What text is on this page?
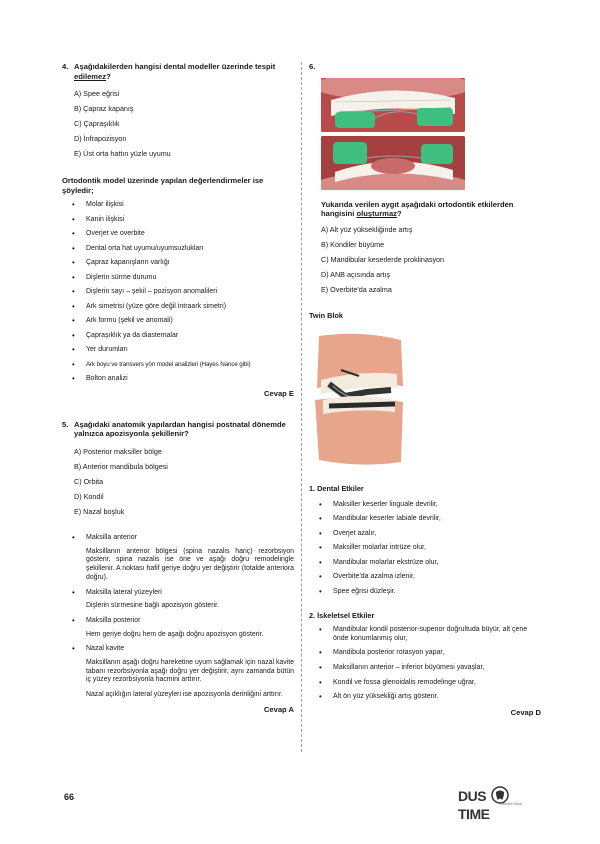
4. Aşağıdakilerden hangisi dental modeller üzerinde tespit edilemez?
A) Spee eğrisi
B) Çapraz kapanış
C) Çapraşıklık
D) İnfrapozisyon
E) Üst orta hattın yüzle uyumu
Ortodontik model üzerinde yapılan değerlendirmeler ise şöyledir;
• Molar ilişkisi
• Kanin ilişkisi
• Overjet ve overbite
• Dental orta hat uyumu/uyumsuzlukları
• Çapraz kapanışların varlığı
• Dişlerin sürme durumu
• Dişlerin sayı – şekil – pozisyon anomalileri
• Ark simetrisi (yüze göre değil intraark simetri)
• Ark formu (şekil ve anomali)
• Çapraşıklık ya da diastemalar
• Yer durumları
• Ark boyu ve transvers yön model analizleri (Hayes Nance gibi)
• Bolton analizi
Cevap E
5. Aşağıdaki anatomik yapılardan hangisi postnatal dönemde yalnızca apozisyonla şekillenir?
A) Posterior maksiller bölge
B) Anterior mandibula bölgesi
C) Orbita
D) Kondil
E) Nazal boşluk
• Maksilla anterior
Maksillanın anterior bölgesi (spina nazalis hariç) rezorbsiyon gösterir, spina nazalis ise öne ve aşağı doğru remodelingle şekillenir. A noktası hafif geriye doğru yer değiştirir (totalde anteriora doğru).
• Maksilla lateral yüzeyleri
Dişlerin sürmesine bağlı apozisyon gösterir.
• Maksilla posterior
Hem geriye doğru hem de aşağı doğru apozisyon gösterir.
• Nazal kavite
Maksillanın aşağı doğru hareketine uyum sağlamak için nazal kavite tabanı rezorbsiyonla aşağı doğru yer değiştirir, aynı zamanda bütün iç yüzey rezorbsiyonla hacmini arttırır.
Nazal açıklığın lateral yüzeyleri ise apozisyonla derinliğini arttırır.
Cevap A
6.
Yukarıda verilen aygıt aşağıdaki ortodontik etkilerden hangisini oluşturmaz?
A) Alt yüz yüksekliğinde artış
B) Kondiler büyüme
C) Mandibular keserlerde proklinasyon
D) ANB açısında artış
E) Overbite'da azalma
Twin Blok
1. Dental Etkiler
• Maksiller keserler linguale devrilir,
• Mandibular keserler labiale devrilir,
• Overjet azalır,
• Maksiller molarlar intrüze olur,
• Mandibular molarlar ekstrüze olur,
• Overbite'da azalma izlenir,
• Spee eğrisi düzleşir.
2. İskeletsel Etkiler
• Mandibular kondil posterior-superior doğrultuda büyür, alt çene önde konumlanmış olur,
• Mandibula posterior rotasyon yapar,
• Maksillanın anterior – inferior büyümesi yavaşlar,
• Kondil ve fossa glenoidalis remodelinge uğrar,
• Alt ön yüz yüksekliği artış gösterir.
Cevap D
66	DUS  TIME
Kalemin Gücü
